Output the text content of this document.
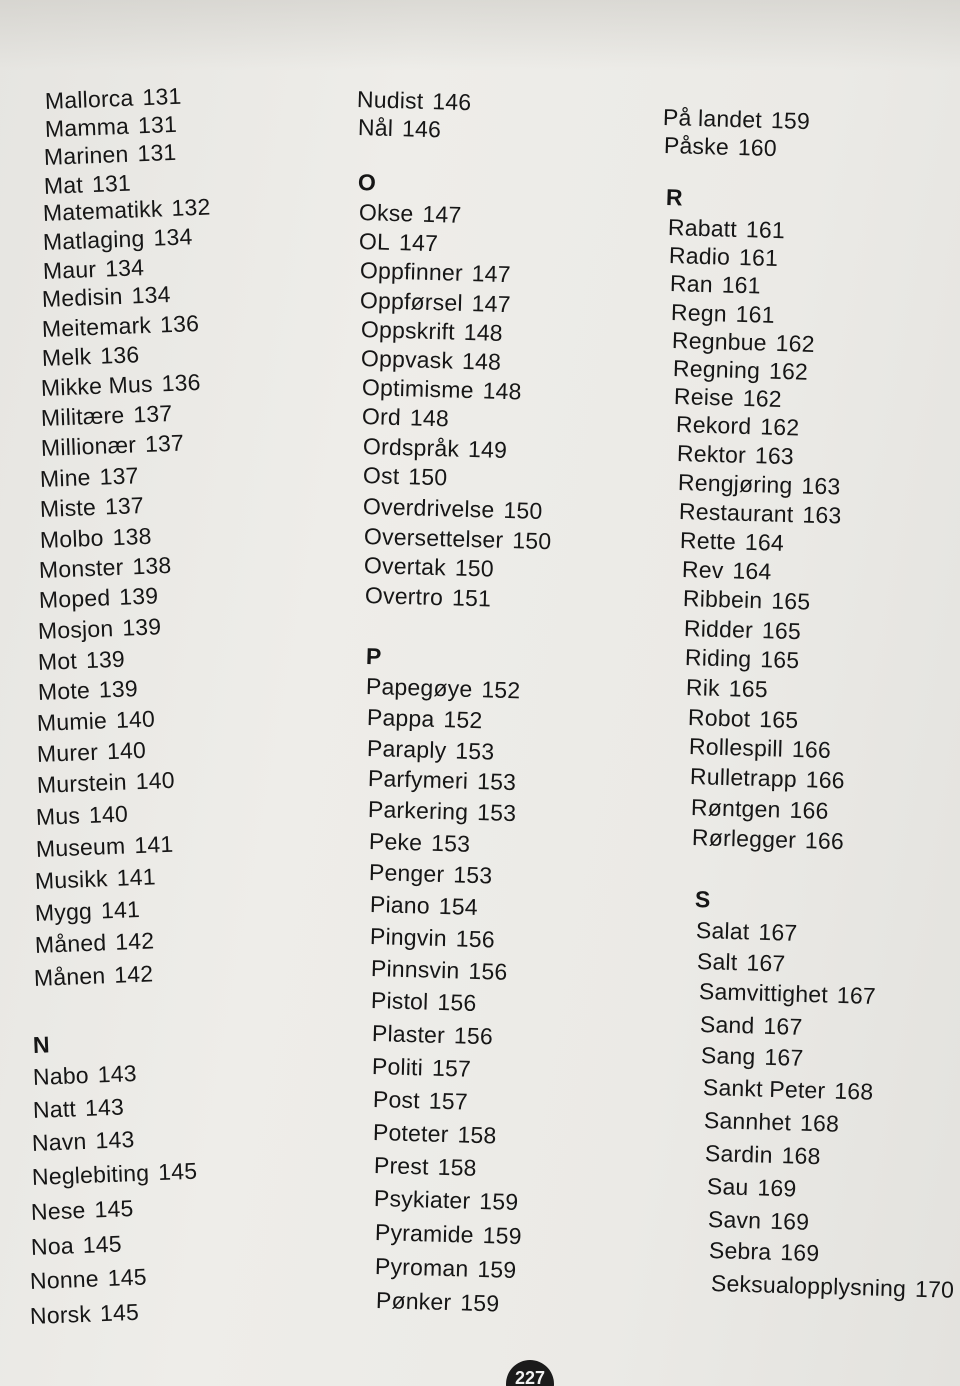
Mallorca 131
Mamma 131
Marinen 131
Mat 131
Matematikk 132
Matlaging 134
Maur 134
Medisin 134
Meitemark 136
Melk 136
Mikke Mus 136
Militære 137
Millionær 137
Mine 137
Miste 137
Molbo 138
Monster 138
Moped 139
Mosjon 139
Mot 139
Mote 139
Mumie 140
Murer 140
Murstein 140
Mus 140
Museum 141
Musikk 141
Mygg 141
Måned 142
Månen 142
N
Nabo 143
Natt 143
Navn 143
Neglebiting 145
Nese 145
Noa 145
Nonne 145
Norsk 145
Nudist 146
Nål 146
O
Okse 147
OL 147
Oppfinner 147
Oppførsel 147
Oppskrift 148
Oppvask 148
Optimisme 148
Ord 148
Ordspråk 149
Ost 150
Overdrivelse 150
Oversettelser 150
Overtak 150
Overtro 151
P
Papegøye 152
Pappa 152
Paraply 153
Parfymeri 153
Parkering 153
Peke 153
Penger 153
Piano 154
Pingvin 156
Pinnsvin 156
Pistol 156
Plaster 156
Politi 157
Post 157
Poteter 158
Prest 158
Psykiater 159
Pyramide 159
Pyroman 159
Pønker 159
På landet 159
Påske 160
R
Rabatt 161
Radio 161
Ran 161
Regn 161
Regnbue 162
Regning 162
Reise 162
Rekord 162
Rektor 163
Rengjøring 163
Restaurant 163
Rette 164
Rev 164
Ribbein 165
Ridder 165
Riding 165
Rik 165
Robot 165
Rollespill 166
Rulletrapp 166
Røntgen 166
Rørlegger 166
S
Salat 167
Salt 167
Samvittighet 167
Sand 167
Sang 167
Sankt Peter 168
Sannhet 168
Sardin 168
Sau 169
Savn 169
Sebra 169
Seksualopplysning 170
227
